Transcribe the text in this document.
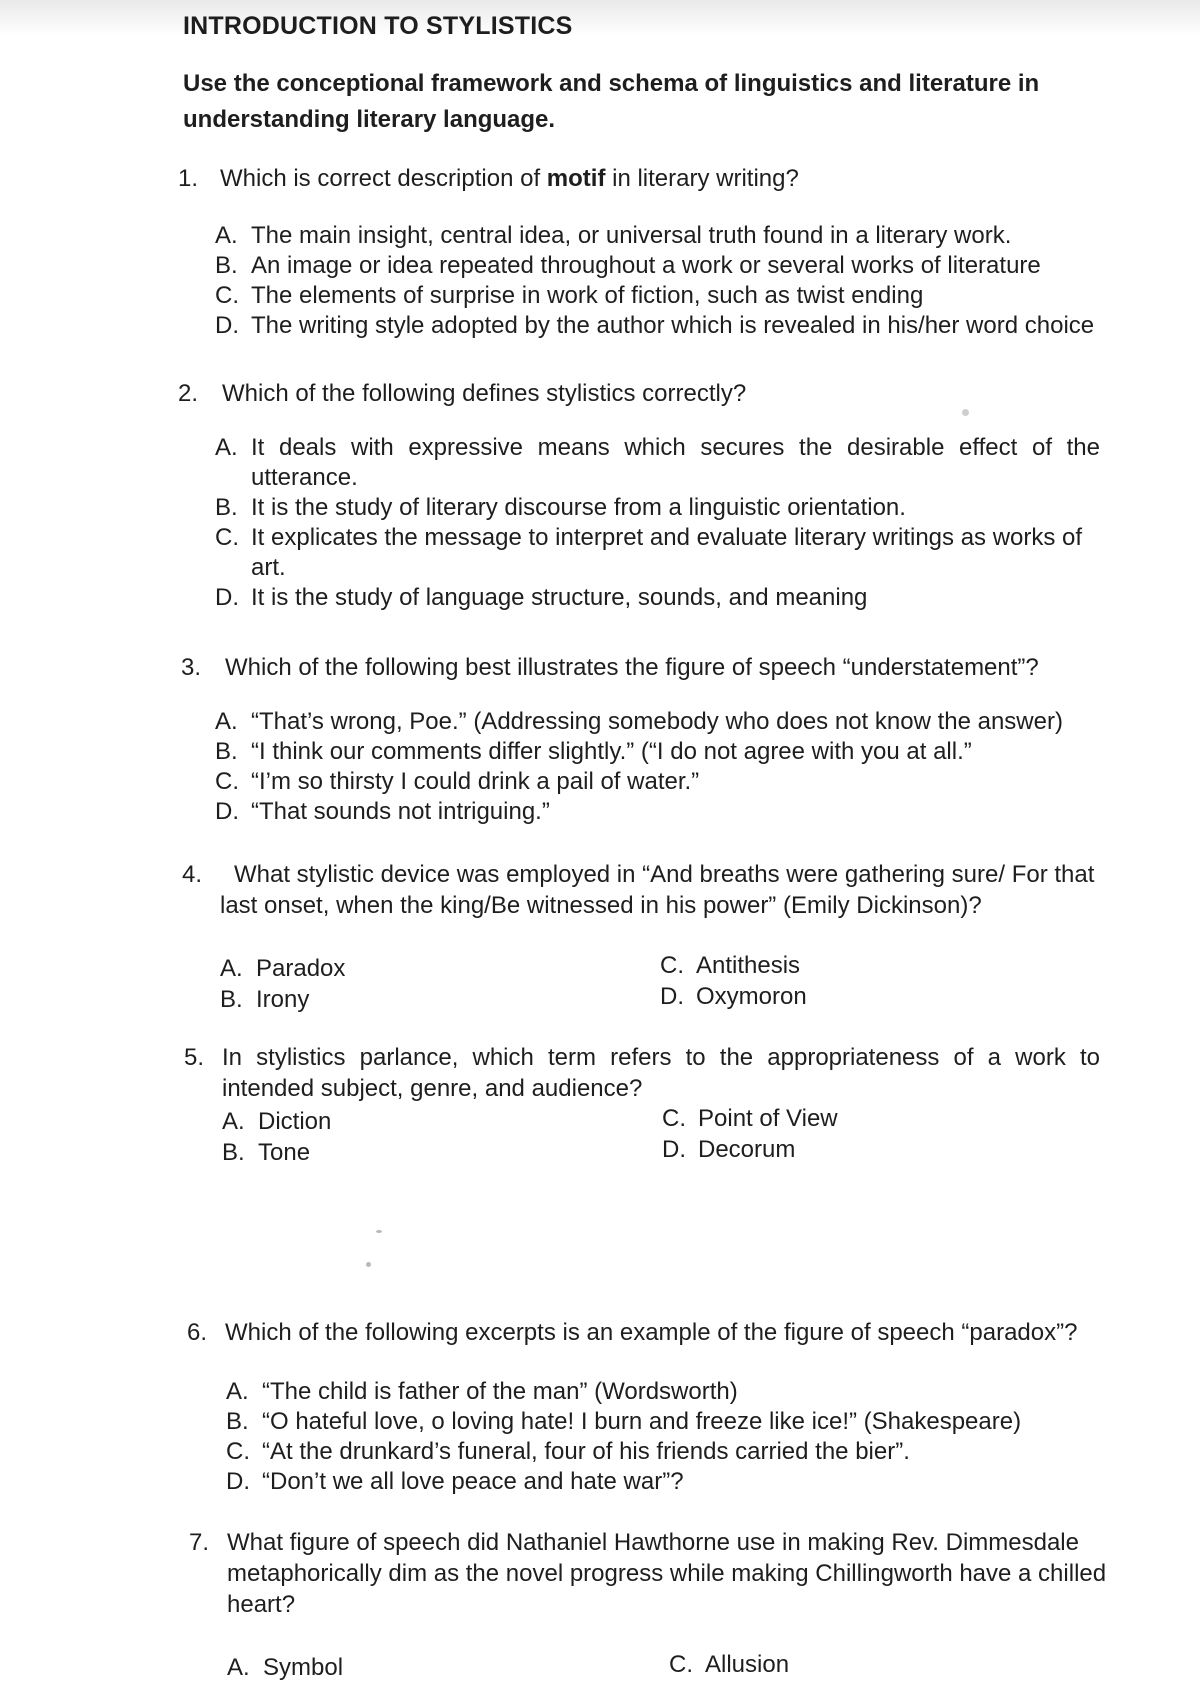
INTRODUCTION TO STYLISTICS
Use the conceptional framework and schema of linguistics and literature in understanding literary language.
1. Which is correct description of motif in literary writing?
A. The main insight, central idea, or universal truth found in a literary work.
B. An image or idea repeated throughout a work or several works of literature
C. The elements of surprise in work of fiction, such as twist ending
D. The writing style adopted by the author which is revealed in his/her word choice
2. Which of the following defines stylistics correctly?
A. It deals with expressive means which secures the desirable effect of the utterance.
B. It is the study of literary discourse from a linguistic orientation.
C. It explicates the message to interpret and evaluate literary writings as works of art.
D. It is the study of language structure, sounds, and meaning
3. Which of the following best illustrates the figure of speech “understatement”?
A. “That’s wrong, Poe.” (Addressing somebody who does not know the answer)
B. “I think our comments differ slightly.” (“I do not agree with you at all.”
C. “I’m so thirsty I could drink a pail of water.”
D. “That sounds not intriguing.”
4.	What stylistic device was employed in “And breaths were gathering sure/ For that last onset, when the king/Be witnessed in his power” (Emily Dickinson)?
A. Paradox
B. Irony
C. Antithesis
D. Oxymoron
5. In stylistics parlance, which term refers to the appropriateness of a work to intended subject, genre, and audience?
A. Diction
B. Tone
C. Point of View
D. Decorum
6. Which of the following excerpts is an example of the figure of speech “paradox”?
A. “The child is father of the man” (Wordsworth)
B. “O hateful love, o loving hate! I burn and freeze like ice!” (Shakespeare)
C. “At the drunkard’s funeral, four of his friends carried the bier”.
D. “Don’t we all love peace and hate war”?
7. What figure of speech did Nathaniel Hawthorne use in making Rev. Dimmesdale metaphorically dim as the novel progress while making Chillingworth have a chilled heart?
A. Symbol	C. Allusion
